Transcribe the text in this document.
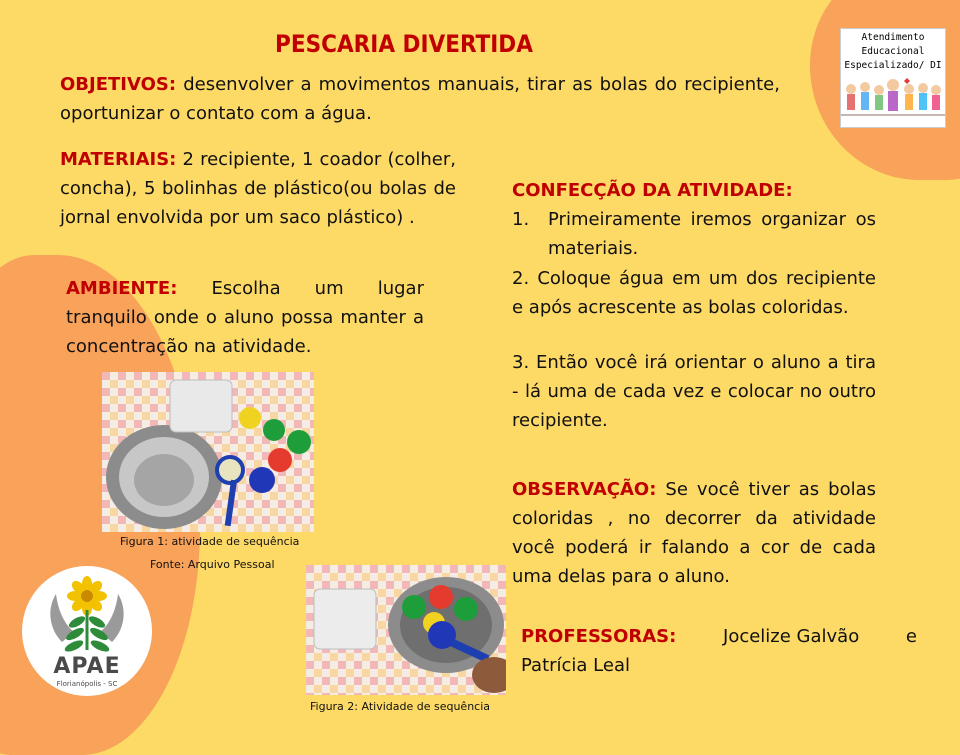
Atendimento
Educacional
Especializado/ DI
PESCARIA DIVERTIDA
OBJETIVOS: desenvolver a movimentos manuais, tirar as bolas do recipiente, oportunizar o contato com a água.
MATERIAIS: 2 recipiente, 1 coador (colher, concha), 5 bolinhas de plástico(ou bolas de jornal envolvida por um saco plástico) .
AMBIENTE: Escolha um lugar tranquilo onde o aluno possa manter a concentração na atividade.
CONFECÇÃO DA ATIVIDADE:
1.	Primeiramente iremos organizar os materiais.
2. Coloque água em um dos recipiente e após acrescente as bolas coloridas.
3. Então você irá orientar o aluno a tira - lá uma de cada vez e colocar no outro recipiente.
OBSERVAÇÃO: Se você tiver as bolas coloridas , no decorrer da atividade você poderá ir falando a cor de cada uma delas para o aluno.
PROFESSORAS:	Jocelize Galvão	e
Patrícia Leal
Figura 1: atividade de sequência
Fonte: Arquivo Pessoal
Figura 2: Atividade de sequência
APAE
Florianópolis - SC
